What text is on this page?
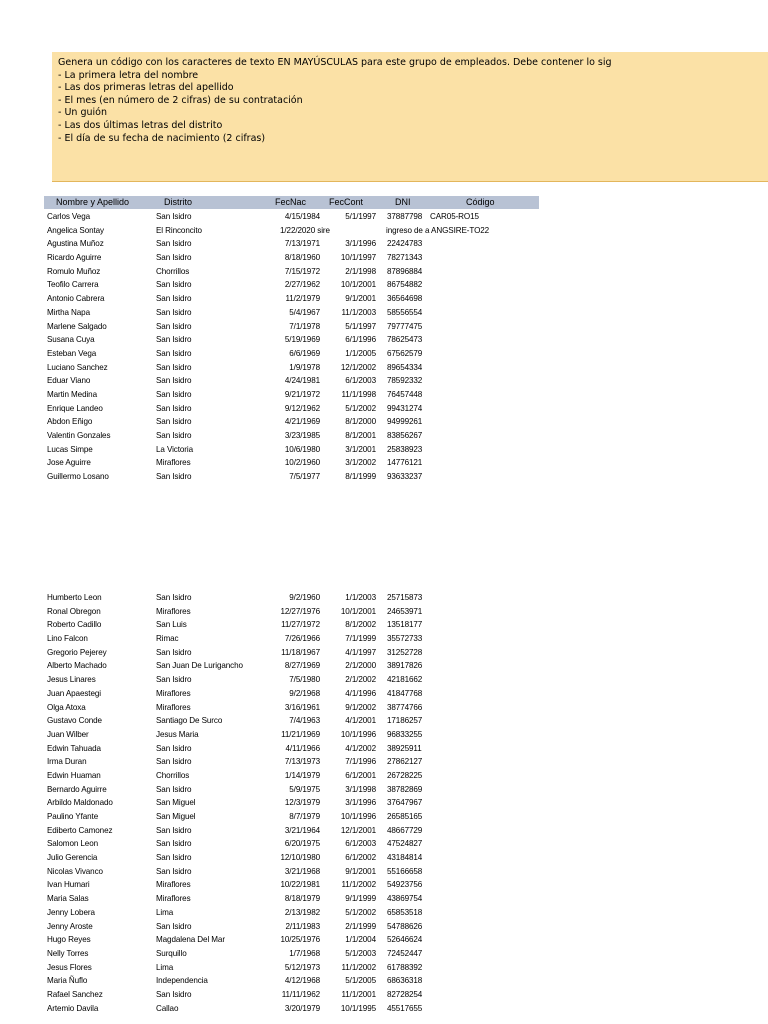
Genera un código con los caracteres de texto EN MAYÚSCULAS para este grupo de empleados. Debe contener lo sig
- La primera letra del nombre
- Las dos primeras letras del apellido
- El mes (en número de 2 cifras) de su contratación
- Un guión
- Las dos últimas letras del distrito
- El día de su fecha de nacimiento (2 cifras)
Nombre y Apellido	Distrito	FecNac	FecCont	DNI	Código
Carlos Vega	San Isidro	4/15/1984	5/1/1997 37887798 CAR05-RO15
Angelica Sontay	El Rinconcito	1/22/2020 sire	ingreso de a ANGSIRE-TO22
Agustina Muñoz	San Isidro	7/13/1971	3/1/1996 22424783
Ricardo Aguirre	San Isidro	8/18/1960	10/1/1997 78271343
Romulo Muñoz	Chorrillos	7/15/1972	2/1/1998 87896884
Teofilo Carrera	San Isidro	2/27/1962	10/1/2001 86754882
Antonio Cabrera	San Isidro	11/2/1979	9/1/2001 36564698
Mirtha Napa	San Isidro	5/4/1967	11/1/2003 58556554
Marlene Salgado	San Isidro	7/1/1978	5/1/1997 79777475
Susana Cuya	San Isidro	5/19/1969	6/1/1996 78625473
Esteban Vega	San Isidro	6/6/1969	1/1/2005 67562579
Luciano Sanchez	San Isidro	1/9/1978	12/1/2002 89654334
Eduar Viano	San Isidro	4/24/1981	6/1/2003 78592332
Martin Medina	San Isidro	9/21/1972	11/1/1998 76457448
Enrique Landeo	San Isidro	9/12/1962	5/1/2002 99431274
Abdon Eñigo	San Isidro	4/21/1969	8/1/2000 94999261
Valentin Gonzales	San Isidro	3/23/1985	8/1/2001 83856267
Lucas Simpe	La Victoria	10/6/1980	3/1/2001 25838923
Jose Aguirre	Miraflores	10/2/1960	3/1/2002 14776121
Guillermo Losano	San Isidro	7/5/1977	8/1/1999 93633237
Humberto Leon	San Isidro	9/2/1960	1/1/2003 25715873
Ronal Obregon	Miraflores	12/27/1976	10/1/2001 24653971
Roberto Cadillo	San Luis	11/27/1972	8/1/2002 13518177
Lino Falcon	Rimac	7/26/1966	7/1/1999 35572733
Gregorio Pejerey	San Isidro	11/18/1967	4/1/1997 31252728
Alberto Machado	San Juan De Lurigancho	8/27/1969	2/1/2000 38917826
Jesus Linares	San Isidro	7/5/1980	2/1/2002 42181662
Juan Apaestegi	Miraflores	9/2/1968	4/1/1996 41847768
Olga Atoxa	Miraflores	3/16/1961	9/1/2002 38774766
Gustavo Conde	Santiago De Surco	7/4/1963	4/1/2001 17186257
Juan Wilber	Jesus Maria	11/21/1969	10/1/1996 96833255
Edwin Tahuada	San Isidro	4/11/1966	4/1/2002 38925911
Irma Duran	San Isidro	7/13/1973	7/1/1996 27862127
Edwin Huaman	Chorrillos	1/14/1979	6/1/2001 26728225
Bernardo Aguirre	San Isidro	5/9/1975	3/1/1998 38782869
Arbildo Maldonado	San Miguel	12/3/1979	3/1/1996 37647967
Paulino Yfante	San Miguel	8/7/1979	10/1/1996 26585165
Ediberto Camonez	San Isidro	3/21/1964	12/1/2001 48667729
Salomon Leon	San Isidro	6/20/1975	6/1/2003 47524827
Julio Gerencia	San Isidro	12/10/1980	6/1/2002 43184814
Nicolas Vivanco	San Isidro	3/21/1968	9/1/2001 55166658
Ivan Humari	Miraflores	10/22/1981	11/1/2002 54923756
Maria Salas	Miraflores	8/18/1979	9/1/1999 43869754
Jenny Lobera	Lima	2/13/1982	5/1/2002 65853518
Jenny Aroste	San Isidro	2/11/1983	2/1/1999 54788626
Hugo Reyes	Magdalena Del Mar	10/25/1976	1/1/2004 52646624
Nelly Torres	Surquillo	1/7/1968	5/1/2003 72452447
Jesus Flores	Lima	5/12/1973	11/1/2002 61788392
Maria Ñuflo	Independencia	4/12/1968	5/1/2005 68636318
Rafael Sanchez	San Isidro	11/11/1962	11/1/2001 82728254
Artemio Davila	Callao	3/20/1979	10/1/1995 45517655
